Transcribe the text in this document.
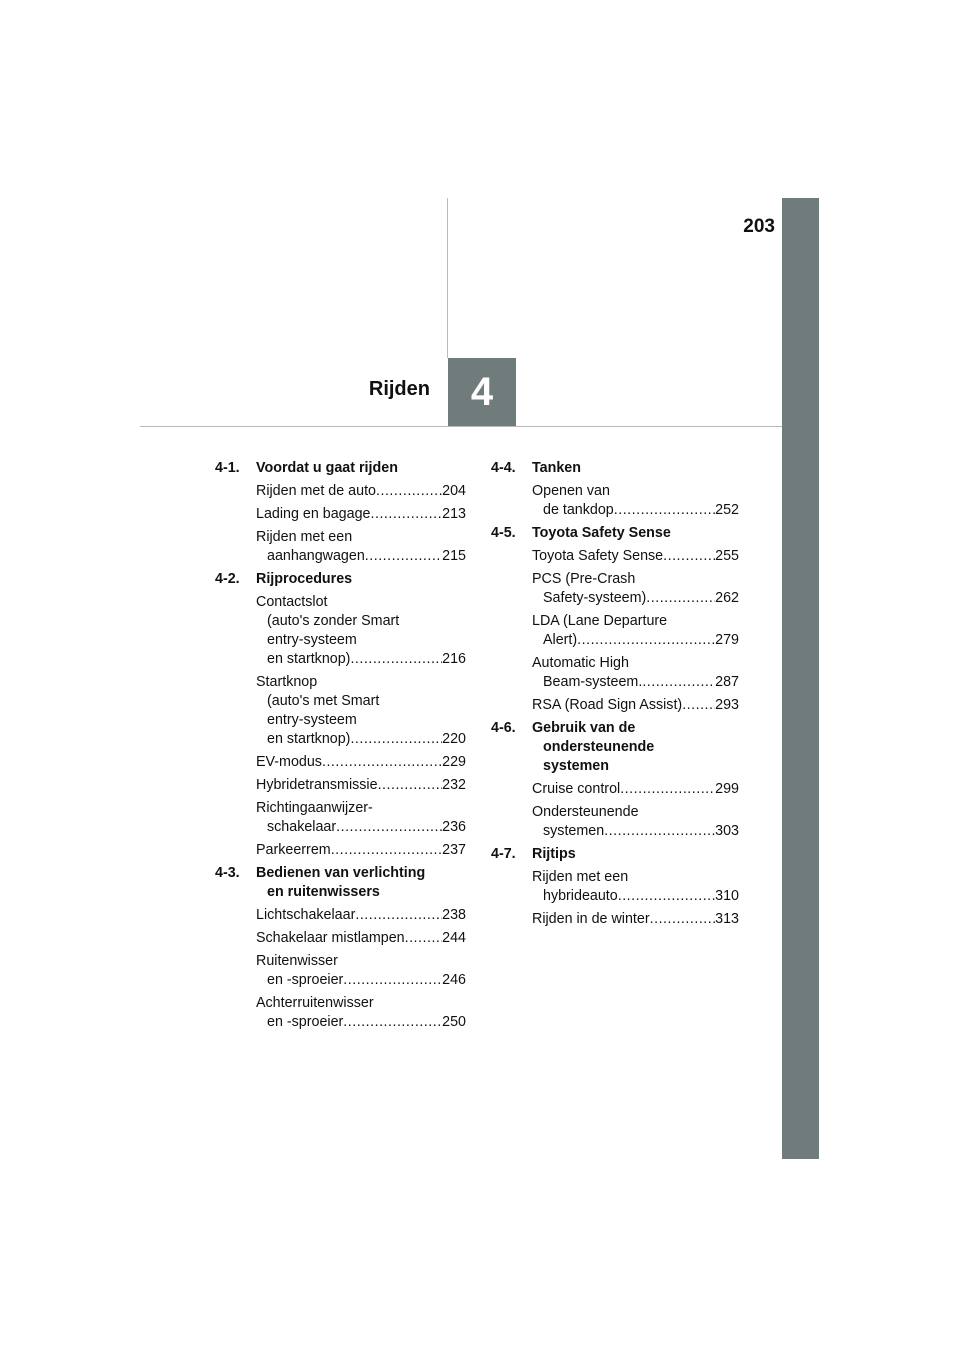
203
4
Rijden
4-1.	Voordat u gaat rijden
Rijden met de auto .....	204
Lading en bagage .....	213
Rijden met een
aanhangwagen .....	215
4-2.	Rijprocedures
Contactslot
(auto's zonder Smart
entry-systeem
en startknop) .....	216
Startknop
(auto's met Smart
entry-systeem
en startknop) .....	220
EV-modus .....	229
Hybridetransmissie .....	232
Richtingaanwijzer-
schakelaar .....	236
Parkeerrem .....	237
4-3.	Bedienen van verlichting
en ruitenwissers
Lichtschakelaar .....	238
Schakelaar mistlampen .....	244
Ruitenwisser
en -sproeier .....	246
Achterruitenwisser
en -sproeier .....	250
4-4.	Tanken
Openen van
de tankdop .....	252
4-5.	Toyota Safety Sense
Toyota Safety Sense .....	255
PCS (Pre-Crash
Safety-systeem) .....	262
LDA (Lane Departure
Alert) .....	279
Automatic High
Beam-systeem. .....	287
RSA (Road Sign Assist) ..... 293
4-6.	Gebruik van de
ondersteunende
systemen
Cruise control .....	299
Ondersteunende
systemen .....	303
4-7.	Rijtips
Rijden met een
hybrideauto .....	310
Rijden in de winter .....	313
